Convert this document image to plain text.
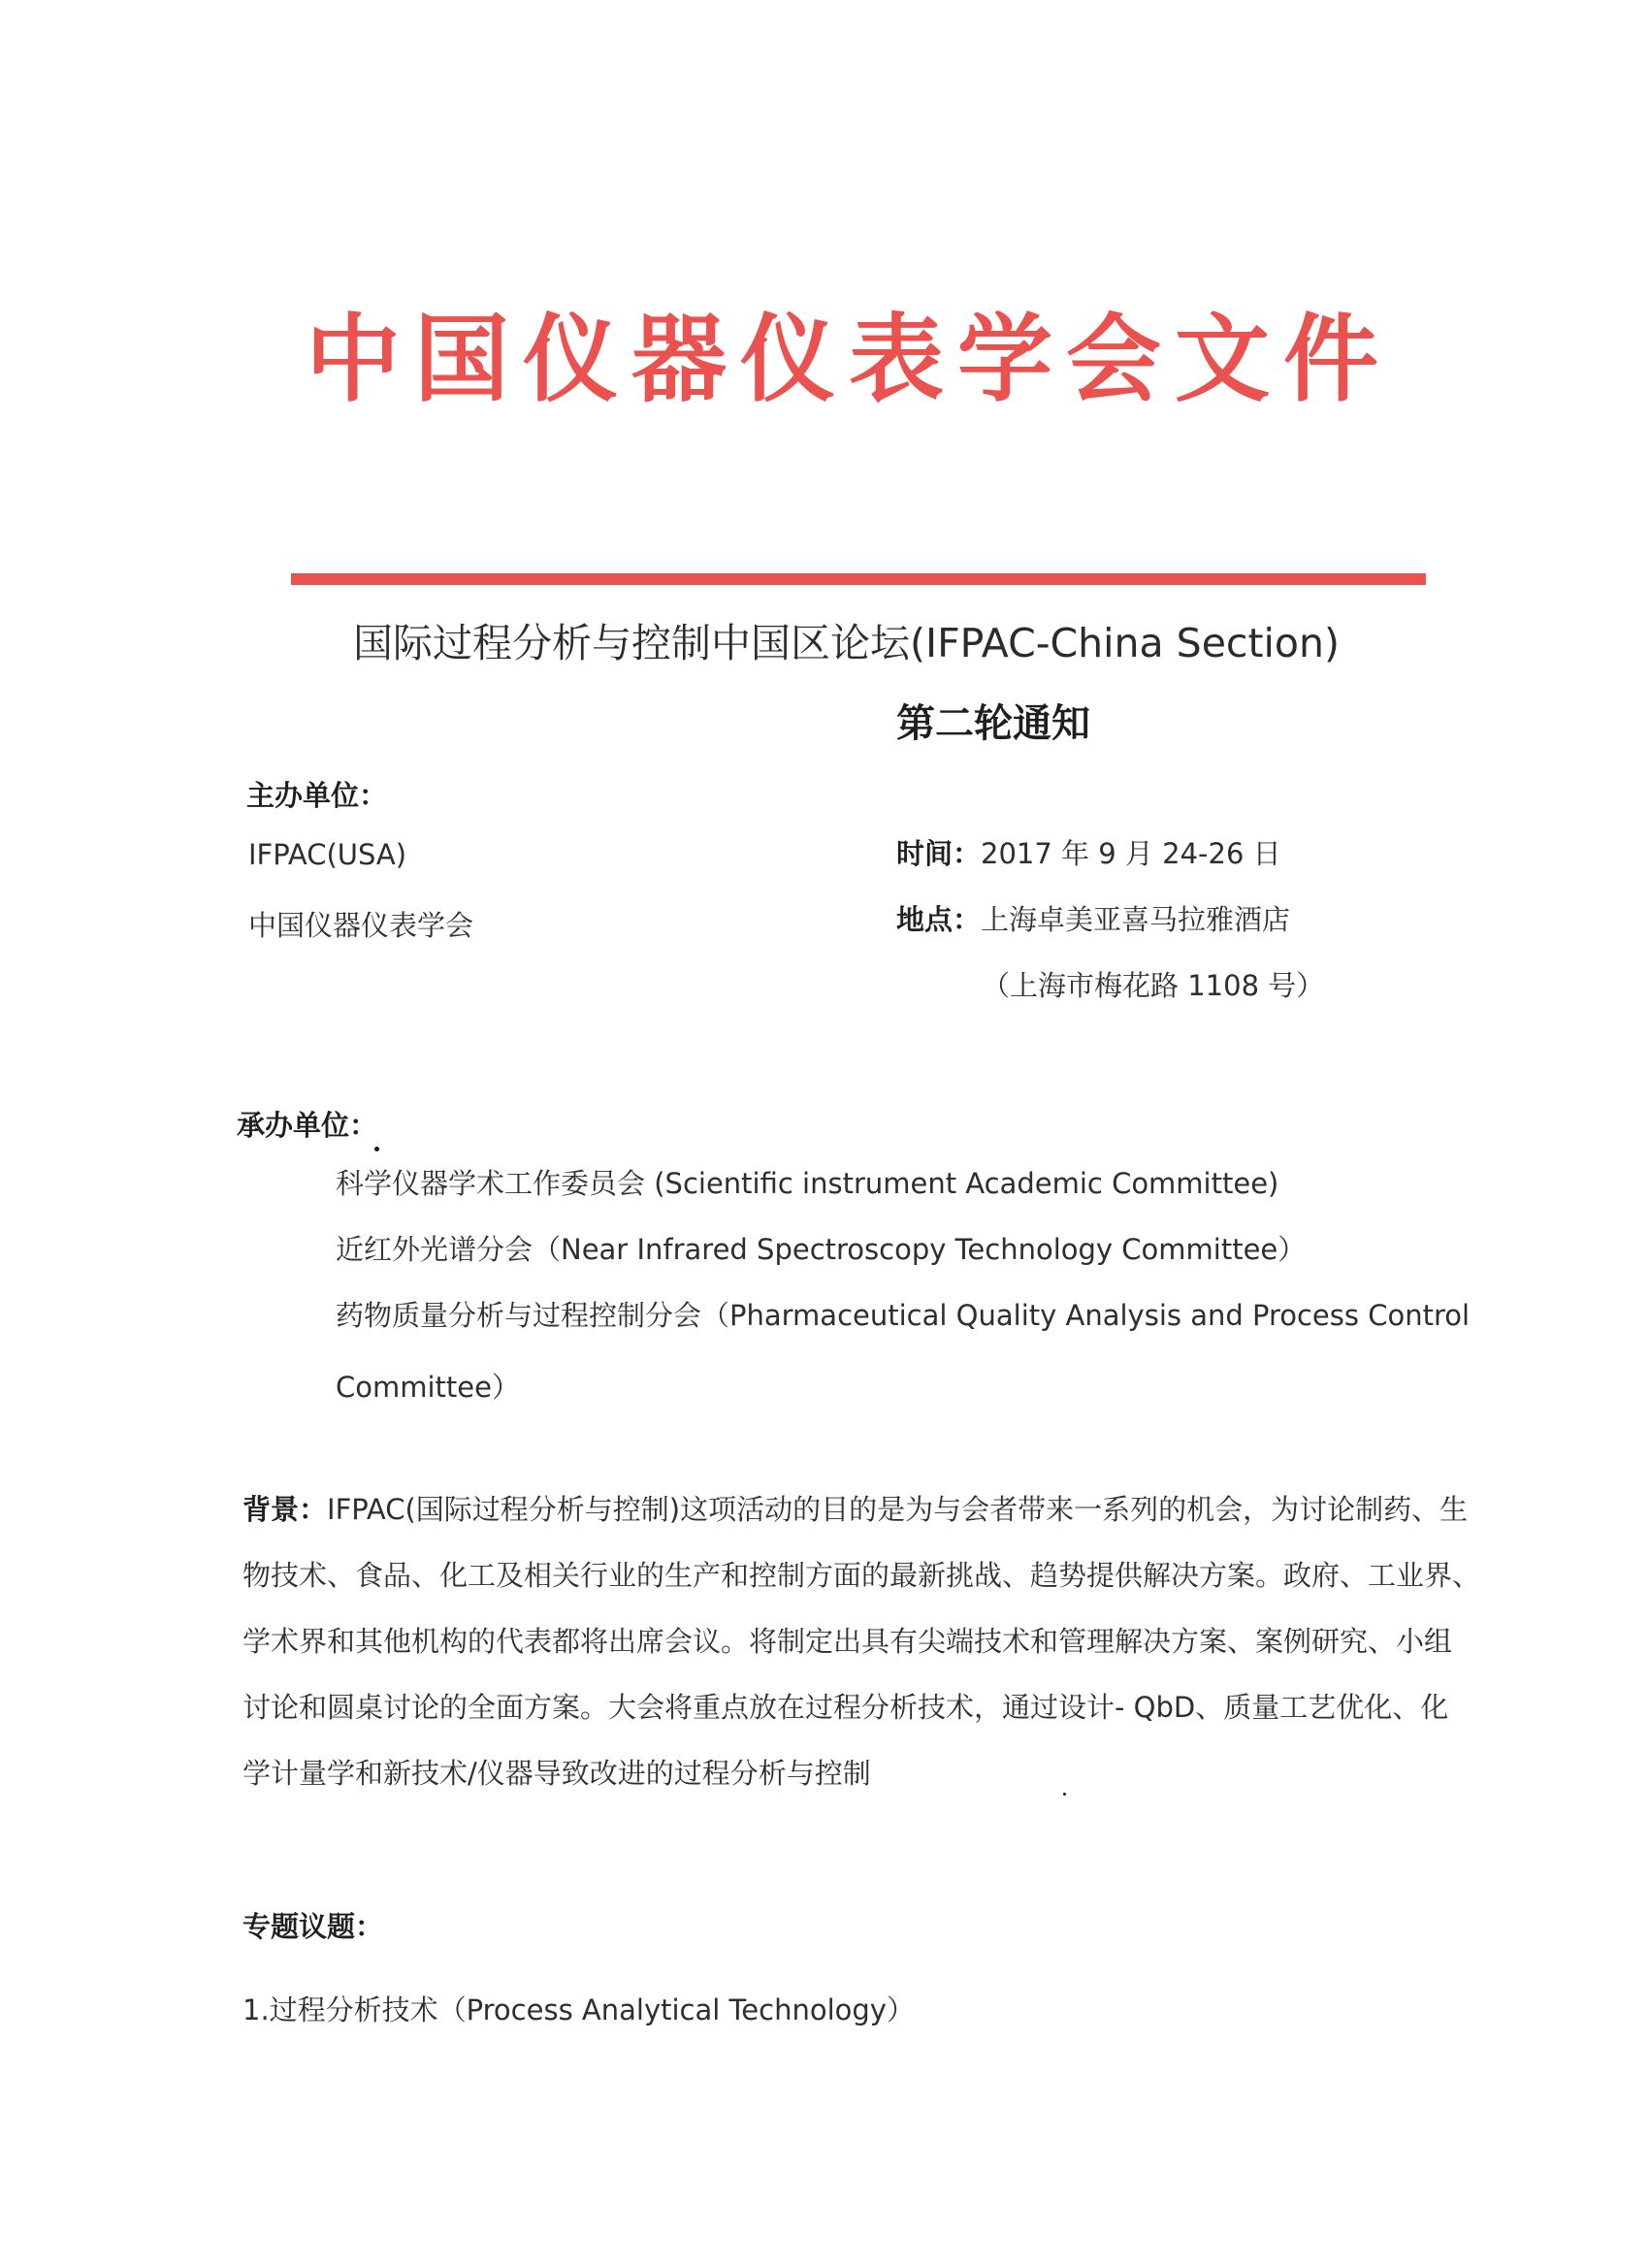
中国仪器仪表学会文件
国际过程分析与控制中国区论坛(IFPAC-China Section)
第二轮通知
主办单位：
IFPAC(USA)
中国仪器仪表学会
时间：2017 年 9 月 24-26 日
地点：上海卓美亚喜马拉雅酒店
（上海市梅花路 1108 号）
承办单位：
科学仪器学术工作委员会 (Scientific instrument Academic Committee)
近红外光谱分会（Near Infrared Spectroscopy Technology Committee）
药物质量分析与过程控制分会（Pharmaceutical Quality Analysis and Process Control
Committee）
背景：IFPAC(国际过程分析与控制)这项活动的目的是为与会者带来一系列的机会，为讨论制药、生
物技术、食品、化工及相关行业的生产和控制方面的最新挑战、趋势提供解决方案。政府、工业界、
学术界和其他机构的代表都将出席会议。将制定出具有尖端技术和管理解决方案、案例研究、小组
讨论和圆桌讨论的全面方案。大会将重点放在过程分析技术，通过设计- QbD、质量工艺优化、化
学计量学和新技术/仪器导致改进的过程分析与控制
专题议题：
1.过程分析技术（Process Analytical Technology）
